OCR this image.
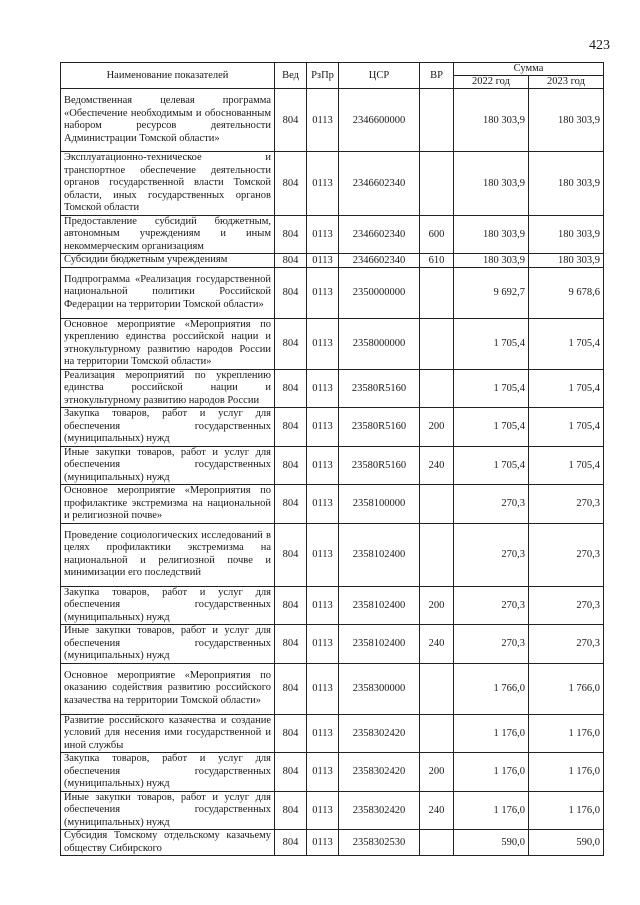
423
Наименование показателей	Вед	РзПр	ЦСР	ВР	Сумма	
					2022 год	2023 год
Ведомственная целевая программа «Обеспечение необходимым и обоснованным набором ресурсов деятельности Администрации Томской области»	804	0113	2346600000		180 303,9	180 303,9
Эксплуатационно-техническое и транспортное обеспечение деятельности органов государственной власти Томской области, иных государственных органов Томской области	804	0113	2346602340		180 303,9	180 303,9
Предоставление субсидий бюджетным, автономным учреждениям и иным некоммерческим организациям	804	0113	2346602340	600	180 303,9	180 303,9
Субсидии бюджетным учреждениям	804	0113	2346602340	610	180 303,9	180 303,9
Подпрограмма «Реализация государственной национальной политики Российской Федерации на территории Томской области»	804	0113	2350000000		9 692,7	9 678,6
Основное мероприятие «Мероприятия по укреплению единства российской нации и этнокультурному развитию народов России на территории Томской области»	804	0113	2358000000		1 705,4	1 705,4
Реализация мероприятий по укреплению единства российской нации и этнокультурному развитию народов России	804	0113	23580R5160		1 705,4	1 705,4
Закупка товаров, работ и услуг для обеспечения государственных (муниципальных) нужд	804	0113	23580R5160	200	1 705,4	1 705,4
Иные закупки товаров, работ и услуг для обеспечения государственных (муниципальных) нужд	804	0113	23580R5160	240	1 705,4	1 705,4
Основное мероприятие «Мероприятия по профилактике экстремизма на национальной и религиозной почве»	804	0113	2358100000		270,3	270,3
Проведение социологических исследований в целях профилактики экстремизма на национальной и религиозной почве и минимизации его последствий	804	0113	2358102400		270,3	270,3
Закупка товаров, работ и услуг для обеспечения государственных (муниципальных) нужд	804	0113	2358102400	200	270,3	270,3
Иные закупки товаров, работ и услуг для обеспечения государственных (муниципальных) нужд	804	0113	2358102400	240	270,3	270,3
Основное мероприятие «Мероприятия по оказанию содействия развитию российского казачества на территории Томской области»	804	0113	2358300000		1 766,0	1 766,0
Развитие российского казачества и создание условий для несения ими государственной и иной службы	804	0113	2358302420		1 176,0	1 176,0
Закупка товаров, работ и услуг для обеспечения государственных (муниципальных) нужд	804	0113	2358302420	200	1 176,0	1 176,0
Иные закупки товаров, работ и услуг для обеспечения государственных (муниципальных) нужд	804	0113	2358302420	240	1 176,0	1 176,0
Субсидия Томскому отдельскому казачьему обществу Сибирского	804	0113	2358302530		590,0	590,0
